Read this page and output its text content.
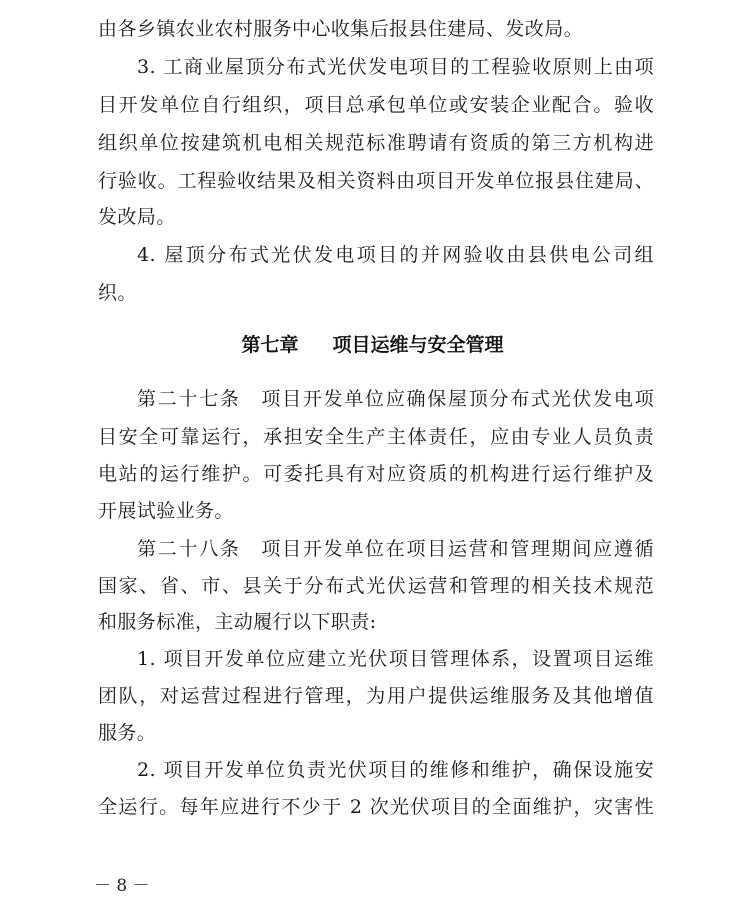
由各乡镇农业农村服务中心收集后报县住建局、发改局。
3. 工商业屋顶分布式光伏发电项目的工程验收原则上由项
目开发单位自行组织，项目总承包单位或安装企业配合。验收
组织单位按建筑机电相关规范标准聘请有资质的第三方机构进
行验收。工程验收结果及相关资料由项目开发单位报县住建局、
发改局。
4. 屋顶分布式光伏发电项目的并网验收由县供电公司组
织。
第七章 项目运维与安全管理
第二十七条　项目开发单位应确保屋顶分布式光伏发电项
目安全可靠运行，承担安全生产主体责任，应由专业人员负责
电站的运行维护。可委托具有对应资质的机构进行运行维护及
开展试验业务。
第二十八条　项目开发单位在项目运营和管理期间应遵循
国家、省、市、县关于分布式光伏运营和管理的相关技术规范
和服务标准，主动履行以下职责:
1. 项目开发单位应建立光伏项目管理体系，设置项目运维
团队，对运营过程进行管理，为用户提供运维服务及其他增值
服务。
2. 项目开发单位负责光伏项目的维修和维护，确保设施安
全运行。每年应进行不少于 2 次光伏项目的全面维护，灾害性
－ 8 －
